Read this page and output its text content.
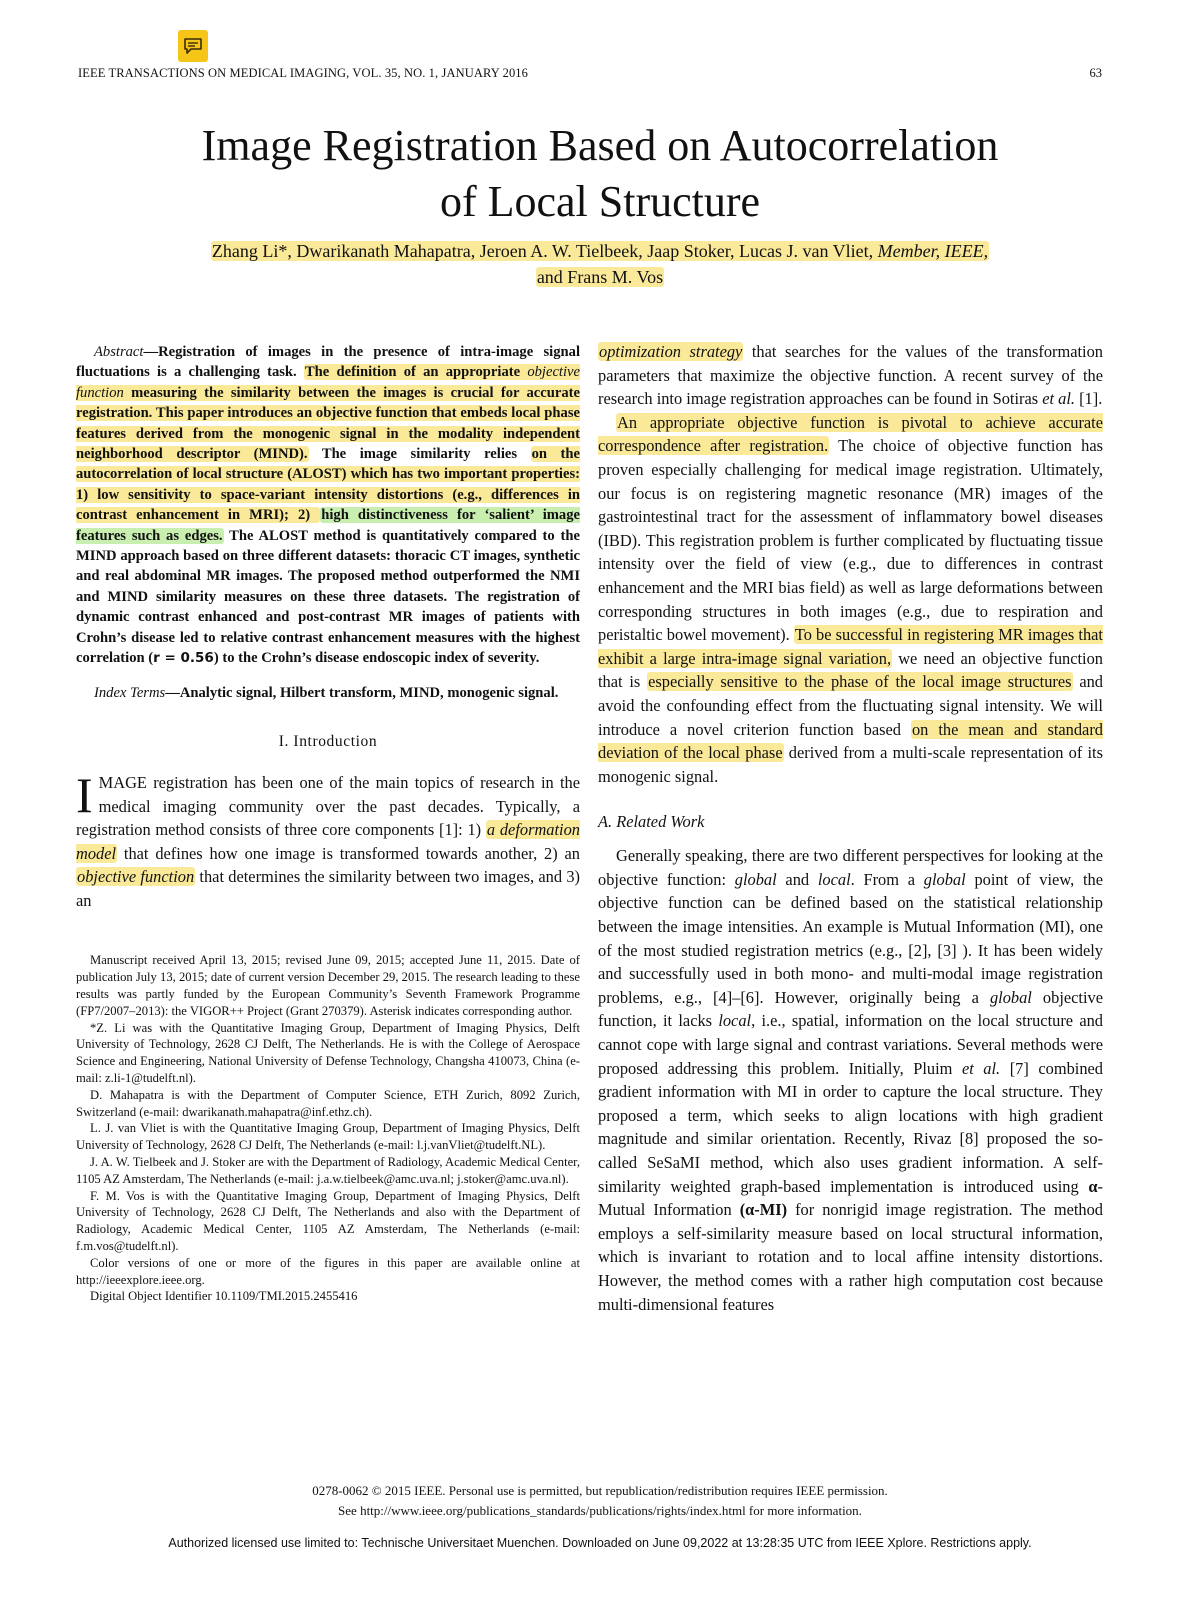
IEEE TRANSACTIONS ON MEDICAL IMAGING, VOL. 35, NO. 1, JANUARY 2016	63
Image Registration Based on Autocorrelation
of Local Structure
Zhang Li*, Dwarikanath Mahapatra, Jeroen A. W. Tielbeek, Jaap Stoker, Lucas J. van Vliet, Member, IEEE,
and Frans M. Vos

Abstract—Registration of images in the presence of intra-image signal fluctuations is a challenging task. The definition of an appropriate objective function measuring the similarity between the images is crucial for accurate registration. This paper introduces an objective function that embeds local phase features derived from the monogenic signal in the modality independent neighborhood descriptor (MIND). The image similarity relies on the autocorrelation of local structure (ALOST) which has two important properties: 1) low sensitivity to space-variant intensity distortions (e.g., differences in contrast enhancement in MRI); 2) high distinctiveness for ‘salient’ image features such as edges. The ALOST method is quantitatively compared to the MIND approach based on three different datasets: thoracic CT images, synthetic and real abdominal MR images. The proposed method outperformed the NMI and MIND similarity measures on these three datasets. The registration of dynamic contrast enhanced and post-contrast MR images of patients with Crohn’s disease led to relative contrast enhancement measures with the highest correlation (r = 0.56) to the Crohn’s disease endoscopic index of severity.

Index Terms—Analytic signal, Hilbert transform, MIND, monogenic signal.

I. Introduction

IMAGE registration has been one of the main topics of research in the medical imaging community over the past decades. Typically, a registration method consists of three core components [1]: 1) a deformation model that defines how one image is transformed towards another, 2) an objective function that determines the similarity between two images, and 3) an

Manuscript received April 13, 2015; revised June 09, 2015; accepted June 11, 2015. Date of publication July 13, 2015; date of current version December 29, 2015. The research leading to these results was partly funded by the European Community’s Seventh Framework Programme (FP7/2007–2013): the VIGOR++ Project (Grant 270379). Asterisk indicates corresponding author.

*Z. Li was with the Quantitative Imaging Group, Department of Imaging Physics, Delft University of Technology, 2628 CJ Delft, The Netherlands. He is with the College of Aerospace Science and Engineering, National University of Defense Technology, Changsha 410073, China (e-mail: z.li-1@tudelft.nl).

D. Mahapatra is with the Department of Computer Science, ETH Zurich, 8092 Zurich, Switzerland (e-mail: dwarikanath.mahapatra@inf.ethz.ch).

L. J. van Vliet is with the Quantitative Imaging Group, Department of Imaging Physics, Delft University of Technology, 2628 CJ Delft, The Netherlands (e-mail: l.j.vanVliet@tudelft.NL).

J. A. W. Tielbeek and J. Stoker are with the Department of Radiology, Academic Medical Center, 1105 AZ Amsterdam, The Netherlands (e-mail: j.a.w.tielbeek@amc.uva.nl; j.stoker@amc.uva.nl).

F. M. Vos is with the Quantitative Imaging Group, Department of Imaging Physics, Delft University of Technology, 2628 CJ Delft, The Netherlands and also with the Department of Radiology, Academic Medical Center, 1105 AZ Amsterdam, The Netherlands (e-mail: f.m.vos@tudelft.nl).

Color versions of one or more of the figures in this paper are available online at http://ieeexplore.ieee.org.

Digital Object Identifier 10.1109/TMI.2015.2455416

optimization strategy that searches for the values of the transformation parameters that maximize the objective function. A recent survey of the research into image registration approaches can be found in Sotiras et al. [1].

An appropriate objective function is pivotal to achieve accurate correspondence after registration. The choice of objective function has proven especially challenging for medical image registration. Ultimately, our focus is on registering magnetic resonance (MR) images of the gastrointestinal tract for the assessment of inflammatory bowel diseases (IBD). This registration problem is further complicated by fluctuating tissue intensity over the field of view (e.g., due to differences in contrast enhancement and the MRI bias field) as well as large deformations between corresponding structures in both images (e.g., due to respiration and peristaltic bowel movement). To be successful in registering MR images that exhibit a large intra-image signal variation, we need an objective function that is especially sensitive to the phase of the local image structures and avoid the confounding effect from the fluctuating signal intensity. We will introduce a novel criterion function based on the mean and standard deviation of the local phase derived from a multi-scale representation of its monogenic signal.

A. Related Work

Generally speaking, there are two different perspectives for looking at the objective function: global and local. From a global point of view, the objective function can be defined based on the statistical relationship between the image intensities. An example is Mutual Information (MI), one of the most studied registration metrics (e.g., [2], [3] ). It has been widely and successfully used in both mono- and multi-modal image registration problems, e.g., [4]–[6]. However, originally being a global objective function, it lacks local, i.e., spatial, information on the local structure and cannot cope with large signal and contrast variations. Several methods were proposed addressing this problem. Initially, Pluim et al. [7] combined gradient information with MI in order to capture the local structure. They proposed a term, which seeks to align locations with high gradient magnitude and similar orientation. Recently, Rivaz [8] proposed the so-called SeSaMI method, which also uses gradient information. A self-similarity weighted graph-based implementation is introduced using α-Mutual Information (α-MI) for nonrigid image registration. The method employs a self-similarity measure based on local structural information, which is invariant to rotation and to local affine intensity distortions. However, the method comes with a rather high computation cost because multi-dimensional features

0278-0062 © 2015 IEEE. Personal use is permitted, but republication/redistribution requires IEEE permission.
See http://www.ieee.org/publications_standards/publications/rights/index.html for more information.
Authorized licensed use limited to: Technische Universitaet Muenchen. Downloaded on June 09,2022 at 13:28:35 UTC from IEEE Xplore. Restrictions apply.
